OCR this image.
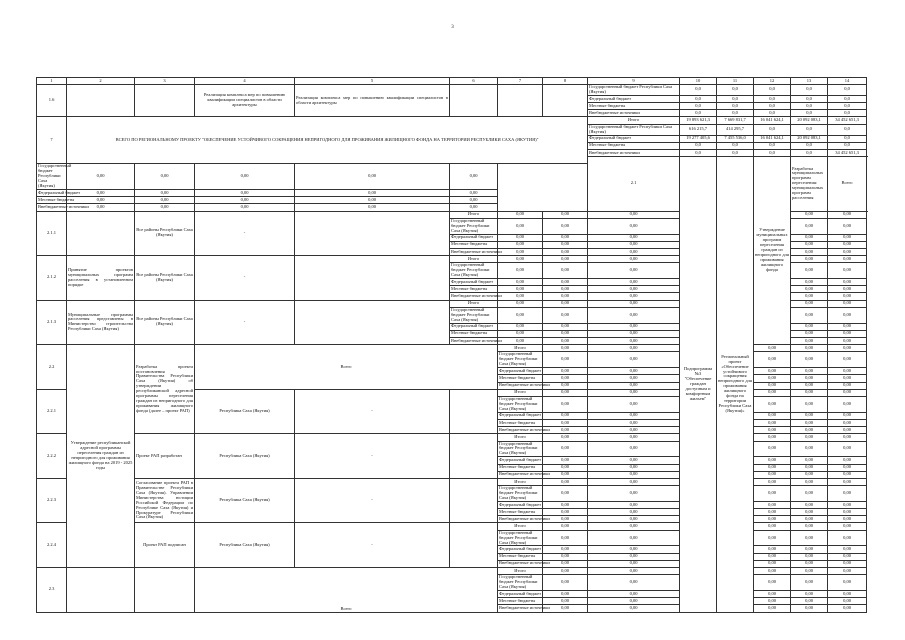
3
1	2	3	4	5	6	7	8	9	10	11	12	13	14	
1.6			Реализация комплекса мер по повышению квалификации специалистов в области архитектуры	Реализация комплекса мер по повышению квалификации специалистов в области архитектуры				Государственный бюджет Республики Саха (Якутия)	0,0	0,0	0,0	0,0	0,0	
								Федеральный бюджет	0,0	0,0	0,0	0,0	0,0	
								Местные бюджеты	0,0	0,0	0,0	0,0	0,0	
								Внебюджетные источники	0,0	0,0	0,0	0,0	0,0	
7	ВСЕГО ПО РЕГИОНАЛЬНОМУ ПРОЕКТУ "ОБЕСПЕЧЕНИЕ УСТОЙЧИВОГО СОКРАЩЕНИЯ НЕПРИГОДНОГО ДЛЯ ПРОЖИВАНИЯ ЖИЛИЩНОГО ФОНДА НА ТЕРРИТОРИИ РЕСПУБЛИКИ САХА (ЯКУТИЯ)"							Итого	19 893 621,3	7 669 831,7	16 041 624,1	20 092 083,1	34 452 651,3	
								Государственный бюджет Республики Саха (Якутия)	616 215,7	414 295,7	0,0	0,0	0,0	
								Федеральный бюджет	19 277 405,6	7 455 536,0	16 041 624,1	20 092 083,1	0,0	
								Местные бюджеты	0,0	0,0	0,0	0,0	0,0	
								Внебюджетные источники	0,0	0,0	0,0	0,0	34 452 651,3	
								2.1	Подпрограмма №3 "Обеспечение граждан доступным и комфортным жильем"	Региональный проект «Обеспечение устойчивого сокращения непригодного для проживания жилищного фонда на территории Республики Саха (Якутия)»	Утверждение муниципальных программ переселения граждан из непригодного для проживания жилищного фонда	Разработка муниципальных программ переселения: муниципальных программ расселения	Всего						
Государственный бюджет Республики Саха (Якутия)	0,00	0,00	0,00	0,00	0,00									
Федеральный бюджет	0,00	0,00	0,00	0,00	0,00									
Местные бюджеты	0,00	0,00	0,00	0,00	0,00									
Внебюджетные источники	0,00	0,00	0,00	0,00	0,00									
2.1.1		Все районы Республики Саха (Якутия)	-		Итого	0,00	0,00	0,00				0,00	0,00	
					Государственный бюджет Республики Саха (Якутия)	0,00	0,00	0,00				0,00	0,00	
					Федеральный бюджет	0,00	0,00	0,00				0,00	0,00	
					Местные бюджеты	0,00	0,00	0,00				0,00	0,00	
					Внебюджетные источники	0,00	0,00	0,00				0,00	0,00	
2.1.2	Принятие проектов муниципальных программ расселения в установленном порядке	Все районы Республики Саха (Якутия)	-		Итого	0,00	0,00	0,00				0,00	0,00	
					Государственный бюджет Республики Саха (Якутия)	0,00	0,00	0,00				0,00	0,00	
					Федеральный бюджет	0,00	0,00	0,00				0,00	0,00	
					Местные бюджеты	0,00	0,00	0,00				0,00	0,00	
					Внебюджетные источники	0,00	0,00	0,00				0,00	0,00	
2.1.3	Муниципальные программы расселения представлены в Министерство строительства Республики Саха (Якутия)	Все районы Республики Саха (Якутия)	-		Итого	0,00	0,00	0,00				0,00	0,00	
					Государственный бюджет Республики Саха (Якутия)	0,00	0,00	0,00				0,00	0,00	
					Федеральный бюджет	0,00	0,00	0,00				0,00	0,00	
					Местные бюджеты	0,00	0,00	0,00				0,00	0,00	
					Внебюджетные источники	0,00	0,00	0,00				0,00	0,00	
2.2	Утверждение республиканской адресной программы переселения граждан из непригодного для проживания жилищного фонда на 2019 - 2025 годы	Разработка проекта постановления Правительства Республики Саха (Якутия) об утверждении республиканской адресной программы переселения граждан из непригодного для проживания жилищного фонда (далее – проект РАП)	Всего			Итого	0,00	0,00			0,00	0,00	0,00	
						Государственный бюджет Республики Саха (Якутия)	0,00	0,00			0,00	0,00	0,00	
						Федеральный бюджет	0,00	0,00			0,00	0,00	0,00	
						Местные бюджеты	0,00	0,00			0,00	0,00	0,00	
						Внебюджетные источники	0,00	0,00			0,00	0,00	0,00	
2.2.1			Республика Саха (Якутия)	-		Итого	0,00	0,00			0,00	0,00	0,00	
						Государственный бюджет Республики Саха (Якутия)	0,00	0,00			0,00	0,00	0,00	
						Федеральный бюджет	0,00	0,00			0,00	0,00	0,00	
						Местные бюджеты	0,00	0,00			0,00	0,00	0,00	
						Внебюджетные источники	0,00	0,00			0,00	0,00	0,00	
2.2.2		Проект РАП разработан	Республика Саха (Якутия)	-		Итого	0,00	0,00			0,00	0,00	0,00	
						Государственный бюджет Республики Саха (Якутия)	0,00	0,00			0,00	0,00	0,00	
						Федеральный бюджет	0,00	0,00			0,00	0,00	0,00	
						Местные бюджеты	0,00	0,00			0,00	0,00	0,00	
						Внебюджетные источники	0,00	0,00			0,00	0,00	0,00	
2.2.3		Согласование проекта РАП в Правительстве Республики Саха (Якутия). Управлении Министерства юстиции Российской Федерации по Республике Саха (Якутия) и Прокуратуре Республики Саха (Якутия)	Республика Саха (Якутия)	-		Итого	0,00	0,00			0,00	0,00	0,00	
						Государственный бюджет Республики Саха (Якутия)	0,00	0,00			0,00	0,00	0,00	
						Федеральный бюджет	0,00	0,00			0,00	0,00	0,00	
						Местные бюджеты	0,00	0,00			0,00	0,00	0,00	
						Внебюджетные источники	0,00	0,00			0,00	0,00	0,00	
2.2.4		Проект РАП подписан	Республика Саха (Якутия)	-		Итого	0,00	0,00			0,00	0,00	0,00	
						Государственный бюджет Республики Саха (Якутия)	0,00	0,00			0,00	0,00	0,00	
						Федеральный бюджет	0,00	0,00			0,00	0,00	0,00	
						Местные бюджеты	0,00	0,00			0,00	0,00	0,00	
						Внебюджетные источники	0,00	0,00			0,00	0,00	0,00	
2.3			Всего			Итого	0,00	0,00			0,00	0,00	0,00	
						Государственный бюджет Республики Саха (Якутия)	0,00	0,00			0,00	0,00	0,00	
						Федеральный бюджет	0,00	0,00			0,00	0,00	0,00	
						Местные бюджеты	0,00	0,00			0,00	0,00	0,00	
						Внебюджетные источники	0,00	0,00			0,00	0,00	0,00	
